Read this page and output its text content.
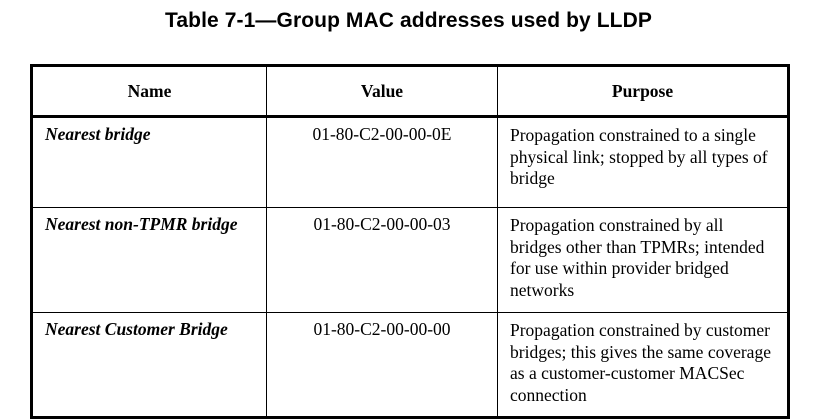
Table 7-1—Group MAC addresses used by LLDP
Name	Value	Purpose
Nearest bridge	01-80-C2-00-00-0E	Propagation constrained to a single physical link; stopped by all types of bridge
Nearest non-TPMR bridge	01-80-C2-00-00-03	Propagation constrained by all bridges other than TPMRs; intended for use within provider bridged networks
Nearest Customer Bridge	01-80-C2-00-00-00	Propagation constrained by customer bridges; this gives the same coverage as a customer-customer MACSec connection
